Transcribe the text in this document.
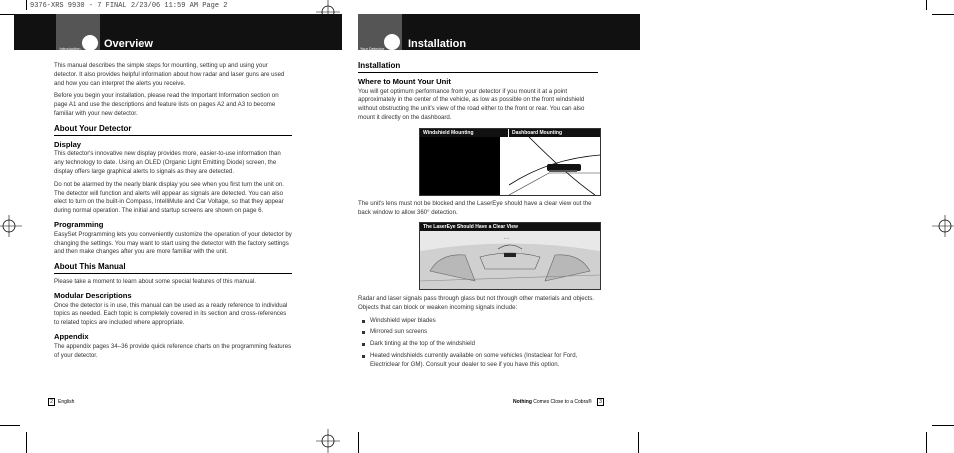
9376-XRS 9930 - 7 FINAL 2/23/06 11:59 AM Page 2
Introduction Overview	Your Detector Installation

This manual describes the simple steps for mounting, setting up and using your detector. It also provides helpful information about how radar and laser guns are used and how you can interpret the alerts you receive.

Before you begin your installation, please read the Important Information section on page A1 and use the descriptions and feature lists on pages A2 and A3 to become familiar with your new detector.

About Your Detector
Display

This detector's innovative new display provides more, easier-to-use information than any technology to date. Using an OLED (Organic Light Emitting Diode) screen, the display offers large graphical alerts to signals as they are detected.

Do not be alarmed by the nearly blank display you see when you first turn the unit on. The detector will function and alerts will appear as signals are detected. You can also elect to turn on the built-in Compass, IntelliMute and Car Voltage, so that they appear during normal operation. The initial and startup screens are shown on page 6.

Programming

EasySet Programming lets you conveniently customize the operation of your detector by changing the settings. You may want to start using the detector with the factory settings and then make changes after you are more familiar with the unit.

About This Manual

Please take a moment to learn about some special features of this manual.

Modular Descriptions

Once the detector is in use, this manual can be used as a ready reference to individual topics as needed. Each topic is completely covered in its section and cross-references to related topics are included where appropriate.

Appendix

The appendix pages 34–36 provide quick reference charts on the programming features of your detector.

2	English
Installation
Where to Mount Your Unit

You will get optimum performance from your detector if you mount it at a point approximately in the center of the vehicle, as low as possible on the front windshield without obstructing the unit's view of the road either to the front or rear. You can also mount it directly on the dashboard.

Windshield Mounting	Dashboard Mounting

The unit's lens must not be blocked and the LaserEye should have a clear view out the back window to allow 360° detection.

The LaserEye Should Have a Clear View
◦ ◦

Radar and laser signals pass through glass but not through other materials and objects. Objects that can block or weaken incoming signals include:

Windshield wiper blades
Mirrored sun screens
Dark tinting at the top of the windshield
Heated windshields currently available on some vehicles (Instaclear for Ford, Electriclear for GM). Consult your dealer to see if you have this option.
Nothing Comes Close to a Cobra®	3
